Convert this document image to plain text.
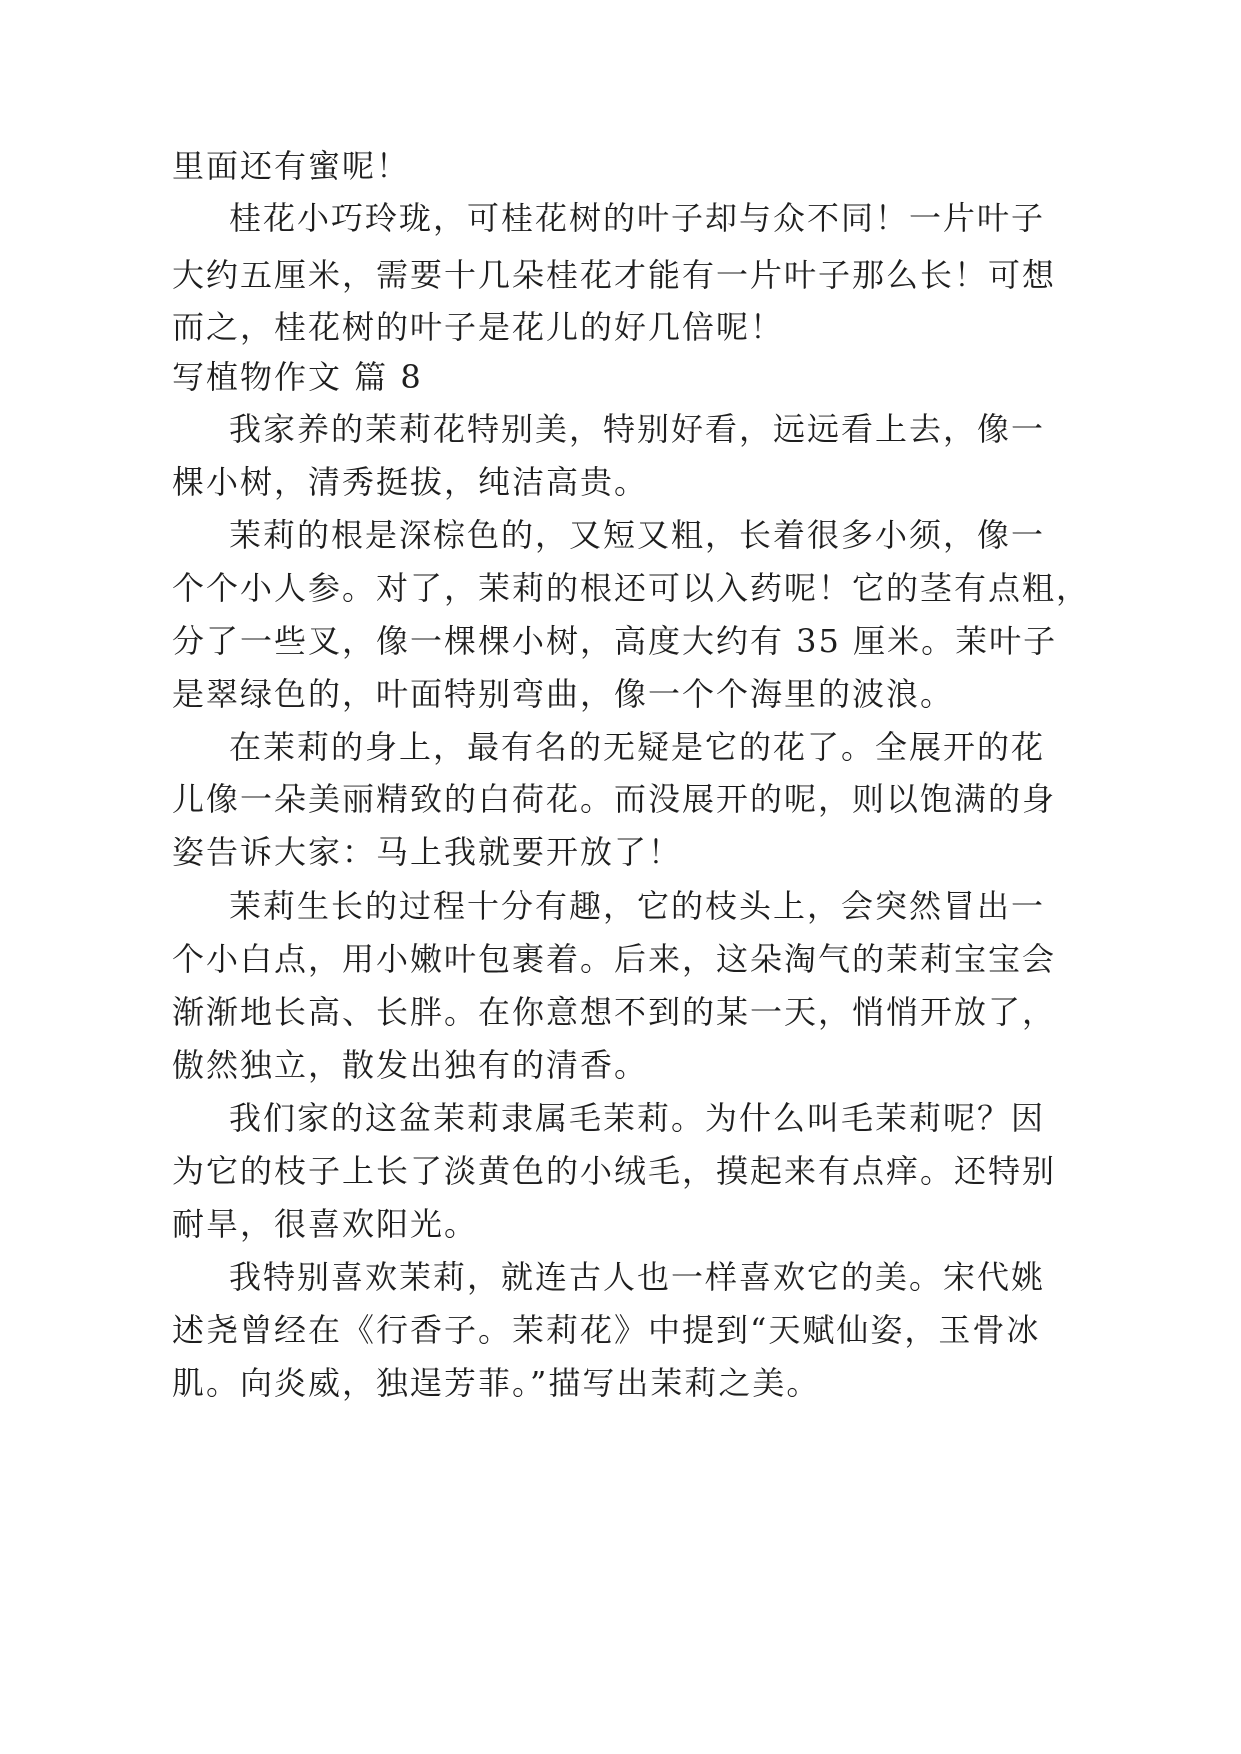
里面还有蜜呢！
桂花小巧玲珑，可桂花树的叶子却与众不同！一片叶子
大约五厘米，需要十几朵桂花才能有一片叶子那么长！可想
而之，桂花树的叶子是花儿的好几倍呢！
写植物作文 篇 8
我家养的茉莉花特别美，特别好看，远远看上去，像一
棵小树，清秀挺拔，纯洁高贵。
茉莉的根是深棕色的，又短又粗，长着很多小须，像一
个个小人参。对了，茉莉的根还可以入药呢！它的茎有点粗，
分了一些叉，像一棵棵小树，高度大约有 35 厘米。茉叶子
是翠绿色的，叶面特别弯曲，像一个个海里的波浪。
在茉莉的身上，最有名的无疑是它的花了。全展开的花
儿像一朵美丽精致的白荷花。而没展开的呢，则以饱满的身
姿告诉大家：马上我就要开放了！
茉莉生长的过程十分有趣，它的枝头上，会突然冒出一
个小白点，用小嫩叶包裹着。后来，这朵淘气的茉莉宝宝会
渐渐地长高、长胖。在你意想不到的某一天，悄悄开放了，
傲然独立，散发出独有的清香。
我们家的这盆茉莉隶属毛茉莉。为什么叫毛茉莉呢？因
为它的枝子上长了淡黄色的小绒毛，摸起来有点痒。还特别
耐旱，很喜欢阳光。
我特别喜欢茉莉，就连古人也一样喜欢它的美。宋代姚
述尧曾经在《行香子。茉莉花》中提到“天赋仙姿，玉骨冰
肌。向炎威，独逞芳菲。”描写出茉莉之美。
